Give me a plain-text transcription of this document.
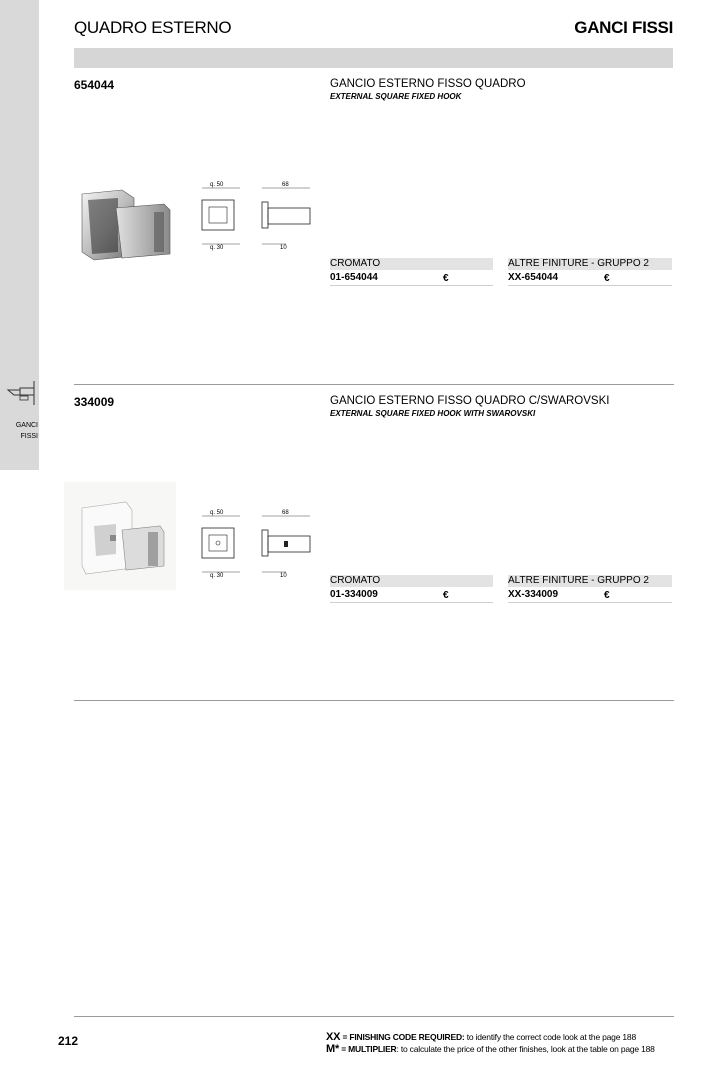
GANCI
FISSI
QUADRO ESTERNO	GANCI FISSI
654044	GANCIO ESTERNO FISSO QUADRO
EXTERNAL SQUARE FIXED HOOK
q. 50
q. 30
68
10
CROMATO	ALTRE FINITURE - GRUPPO 2
01-654044	€	XX-654044	€
334009	GANCIO ESTERNO FISSO QUADRO C/SWAROVSKI
EXTERNAL SQUARE FIXED HOOK WITH SWAROVSKI
q. 50
q. 30
68
10	CROMATO	ALTRE FINITURE - GRUPPO 2
01-334009	€	XX-334009	€
212	XX = FINISHING CODE REQUIRED: to identify the correct code look at the page 188
M* = MULTIPLIER: to calculate the price of the other finishes, look at the table on page 188
